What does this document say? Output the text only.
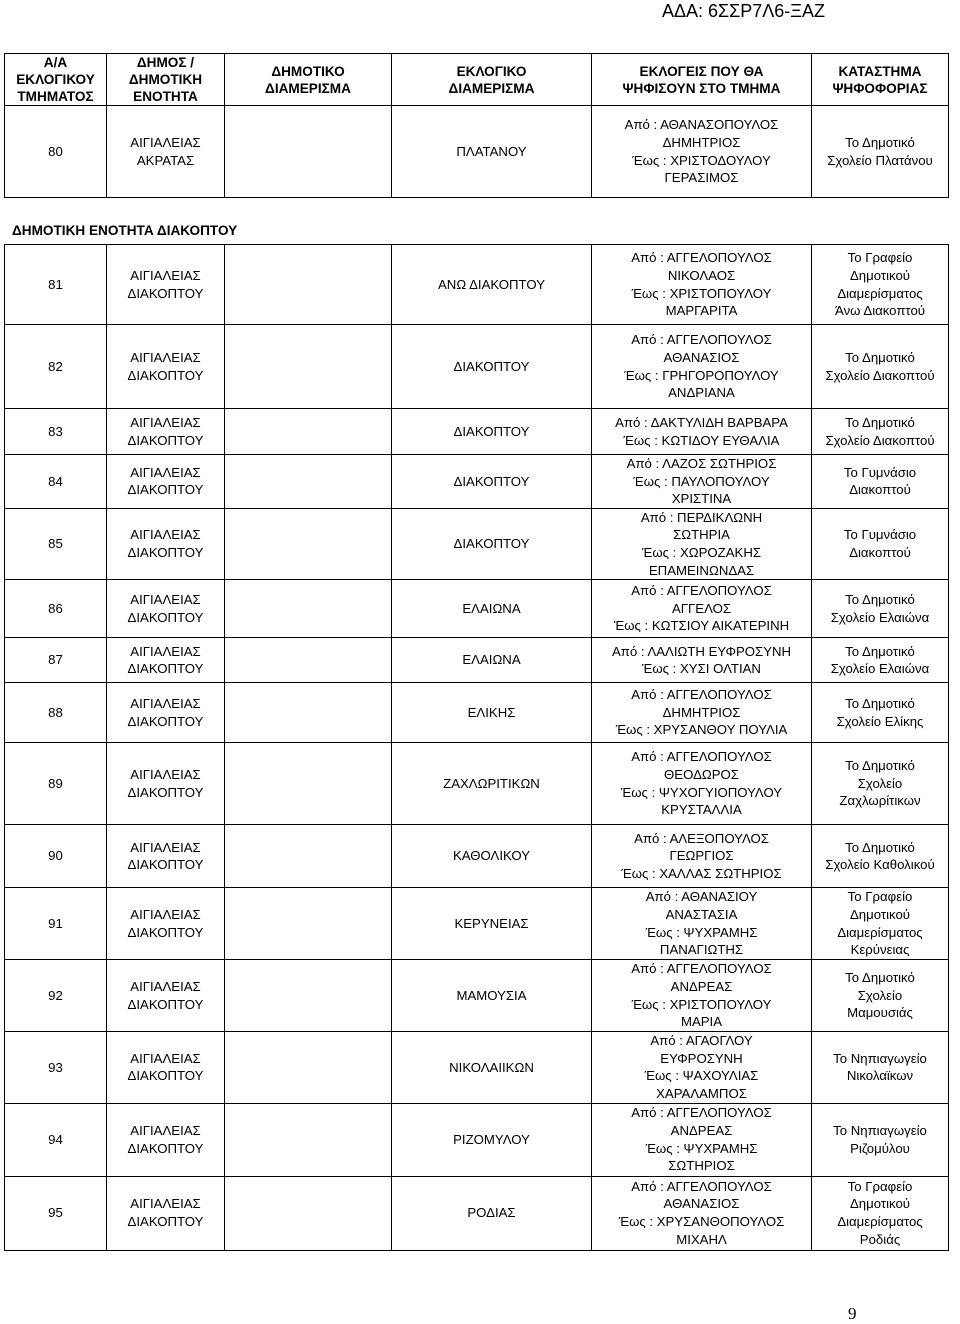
ΑΔΑ: 6ΣΣΡ7Λ6-ΞΑΖ
Α/Α
ΕΚΛΟΓΙΚΟΥ
ΤΜΗΜΑΤΟΣ	ΔΗΜΟΣ /
ΔΗΜΟΤΙΚΗ
ΕΝΟΤΗΤΑ	ΔΗΜΟΤΙΚΟ
ΔΙΑΜΕΡΙΣΜΑ	ΕΚΛΟΓΙΚΟ
ΔΙΑΜΕΡΙΣΜΑ	ΕΚΛΟΓΕΙΣ ΠΟΥ ΘΑ
ΨΗΦΙΣΟΥΝ ΣΤΟ ΤΜΗΜΑ	ΚΑΤΑΣΤΗΜΑ
ΨΗΦΟΦΟΡΙΑΣ

80	ΑΙΓΙΑΛΕΙΑΣ
ΑΚΡΑΤΑΣ		ΠΛΑΤΑΝΟΥ	Από : ΑΘΑΝΑΣΟΠΟΥΛΟΣ
ΔΗΜΗΤΡΙΟΣ
Έως : ΧΡΙΣΤΟΔΟΥΛΟΥ
ΓΕΡΑΣΙΜΟΣ	Το Δημοτικό
Σχολείο Πλατάνου
ΔΗΜΟΤΙΚΗ ΕΝΟΤΗΤΑ ΔΙΑΚΟΠΤΟΥ
81	ΑΙΓΙΑΛΕΙΑΣ
ΔΙΑΚΟΠΤΟΥ		ΑΝΩ ΔΙΑΚΟΠΤΟΥ	Από : ΑΓΓΕΛΟΠΟΥΛΟΣ
ΝΙΚΟΛΑΟΣ
Έως : ΧΡΙΣΤΟΠΟΥΛΟΥ
ΜΑΡΓΑΡΙΤΑ	Το Γραφείο
Δημοτικού
Διαμερίσματος
Άνω Διακοπτού

82	ΑΙΓΙΑΛΕΙΑΣ
ΔΙΑΚΟΠΤΟΥ		ΔΙΑΚΟΠΤΟΥ	Από : ΑΓΓΕΛΟΠΟΥΛΟΣ
ΑΘΑΝΑΣΙΟΣ
Έως : ΓΡΗΓΟΡΟΠΟΥΛΟΥ
ΑΝΔΡΙΑΝΑ	Το Δημοτικό
Σχολείο Διακοπτού

83	ΑΙΓΙΑΛΕΙΑΣ
ΔΙΑΚΟΠΤΟΥ		ΔΙΑΚΟΠΤΟΥ	Από : ΔΑΚΤΥΛΙΔΗ ΒΑΡΒΑΡΑ
Έως : ΚΩΤΙΔΟΥ ΕΥΘΑΛΙΑ	Το Δημοτικό
Σχολείο Διακοπτού

84	ΑΙΓΙΑΛΕΙΑΣ
ΔΙΑΚΟΠΤΟΥ		ΔΙΑΚΟΠΤΟΥ	Από : ΛΑΖΟΣ ΣΩΤΗΡΙΟΣ
Έως : ΠΑΥΛΟΠΟΥΛΟΥ
ΧΡΙΣΤΙΝΑ	Το Γυμνάσιο
Διακοπτού

85	ΑΙΓΙΑΛΕΙΑΣ
ΔΙΑΚΟΠΤΟΥ		ΔΙΑΚΟΠΤΟΥ	Από : ΠΕΡΔΙΚΛΩΝΗ
ΣΩΤΗΡΙΑ
Έως : ΧΩΡΟΖΑΚΗΣ
ΕΠΑΜΕΙΝΩΝΔΑΣ	Το Γυμνάσιο
Διακοπτού

86	ΑΙΓΙΑΛΕΙΑΣ
ΔΙΑΚΟΠΤΟΥ		ΕΛΑΙΩΝΑ	Από : ΑΓΓΕΛΟΠΟΥΛΟΣ
ΑΓΓΕΛΟΣ
Έως : ΚΩΤΣΙΟΥ ΑΙΚΑΤΕΡΙΝΗ	Το Δημοτικό
Σχολείο Ελαιώνα

87	ΑΙΓΙΑΛΕΙΑΣ
ΔΙΑΚΟΠΤΟΥ		ΕΛΑΙΩΝΑ	Από : ΛΑΛΙΩΤΗ ΕΥΦΡΟΣΥΝΗ
Έως : ΧΥΣΙ ΟΛΤΙΑΝ	Το Δημοτικό
Σχολείο Ελαιώνα

88	ΑΙΓΙΑΛΕΙΑΣ
ΔΙΑΚΟΠΤΟΥ		ΕΛΙΚΗΣ	Από : ΑΓΓΕΛΟΠΟΥΛΟΣ
ΔΗΜΗΤΡΙΟΣ
Έως : ΧΡΥΣΑΝΘΟΥ ΠΟΥΛΙΑ	Το Δημοτικό
Σχολείο Ελίκης

89	ΑΙΓΙΑΛΕΙΑΣ
ΔΙΑΚΟΠΤΟΥ		ΖΑΧΛΩΡΙΤΙΚΩΝ	Από : ΑΓΓΕΛΟΠΟΥΛΟΣ
ΘΕΟΔΩΡΟΣ
Έως : ΨΥΧΟΓΥΙΟΠΟΥΛΟΥ
ΚΡΥΣΤΑΛΛΙΑ	Το Δημοτικό
Σχολείο
Ζαχλωρίτικων

90	ΑΙΓΙΑΛΕΙΑΣ
ΔΙΑΚΟΠΤΟΥ		ΚΑΘΟΛΙΚΟΥ	Από : ΑΛΕΞΟΠΟΥΛΟΣ
ΓΕΩΡΓΙΟΣ
Έως : ΧΑΛΛΑΣ ΣΩΤΗΡΙΟΣ	Το Δημοτικό
Σχολείο Καθολικού

91	ΑΙΓΙΑΛΕΙΑΣ
ΔΙΑΚΟΠΤΟΥ		ΚΕΡΥΝΕΙΑΣ	Από : ΑΘΑΝΑΣΙΟΥ
ΑΝΑΣΤΑΣΙΑ
Έως : ΨΥΧΡΑΜΗΣ
ΠΑΝΑΓΙΩΤΗΣ	Το Γραφείο
Δημοτικού
Διαμερίσματος
Κερύνειας

92	ΑΙΓΙΑΛΕΙΑΣ
ΔΙΑΚΟΠΤΟΥ		ΜΑΜΟΥΣΙΑ	Από : ΑΓΓΕΛΟΠΟΥΛΟΣ
ΑΝΔΡΕΑΣ
Έως : ΧΡΙΣΤΟΠΟΥΛΟΥ
ΜΑΡΙΑ	Το Δημοτικό
Σχολείο
Μαμουσιάς

93	ΑΙΓΙΑΛΕΙΑΣ
ΔΙΑΚΟΠΤΟΥ		ΝΙΚΟΛΑΙΙΚΩΝ	Από : ΑΓΑΟΓΛΟΥ
ΕΥΦΡΟΣΥΝΗ
Έως : ΨΑΧΟΥΛΙΑΣ
ΧΑΡΑΛΑΜΠΟΣ	Το Νηπιαγωγείο
Νικολαϊκων

94	ΑΙΓΙΑΛΕΙΑΣ
ΔΙΑΚΟΠΤΟΥ		ΡΙΖΟΜΥΛΟΥ	Από : ΑΓΓΕΛΟΠΟΥΛΟΣ
ΑΝΔΡΕΑΣ
Έως : ΨΥΧΡΑΜΗΣ
ΣΩΤΗΡΙΟΣ	Το Νηπιαγωγείο
Ριζομύλου

95	ΑΙΓΙΑΛΕΙΑΣ
ΔΙΑΚΟΠΤΟΥ		ΡΟΔΙΑΣ	Από : ΑΓΓΕΛΟΠΟΥΛΟΣ
ΑΘΑΝΑΣΙΟΣ
Έως : ΧΡΥΣΑΝΘΟΠΟΥΛΟΣ
ΜΙΧΑΗΛ	Το Γραφείο
Δημοτικού
Διαμερίσματος
Ροδιάς
9
